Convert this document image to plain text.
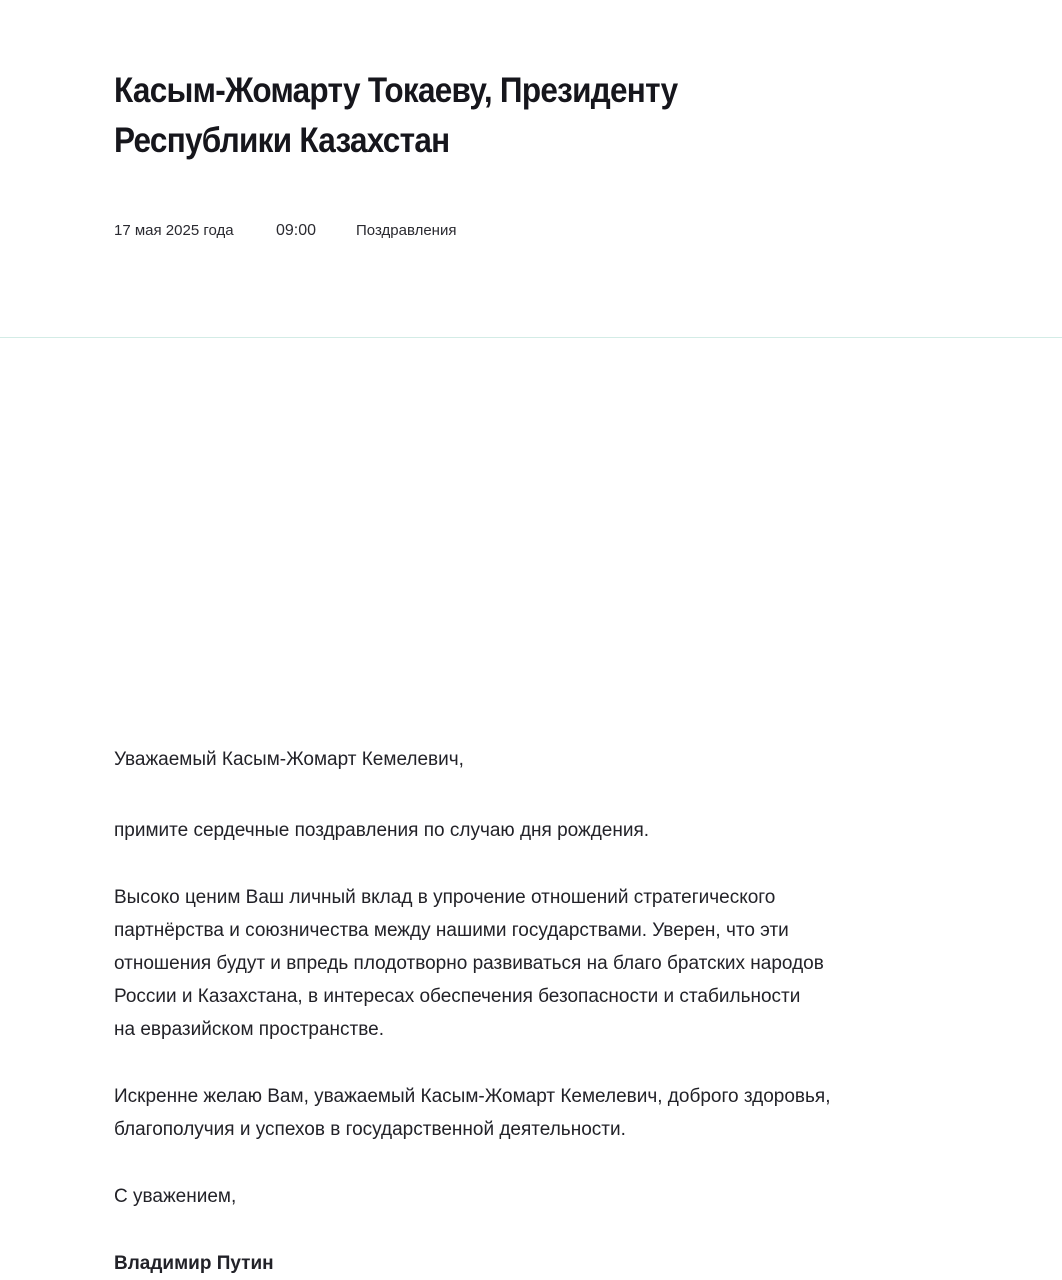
Касым-Жомарту Токаеву, Президенту Республики Казахстан
17 мая 2025 года	09:00	Поздравления

Уважаемый Касым-Жомарт Кемелевич,

примите сердечные поздравления по случаю дня рождения.

Высоко ценим Ваш личный вклад в упрочение отношений стратегического
партнёрства и союзничества между нашими государствами. Уверен, что эти
отношения будут и впредь плодотворно развиваться на благо братских народов
России и Казахстана, в интересах обеспечения безопасности и стабильности
на евразийском пространстве.

Искренне желаю Вам, уважаемый Касым-Жомарт Кемелевич, доброго здоровья,
благополучия и успехов в государственной деятельности.

С уважением,

Владимир Путин
